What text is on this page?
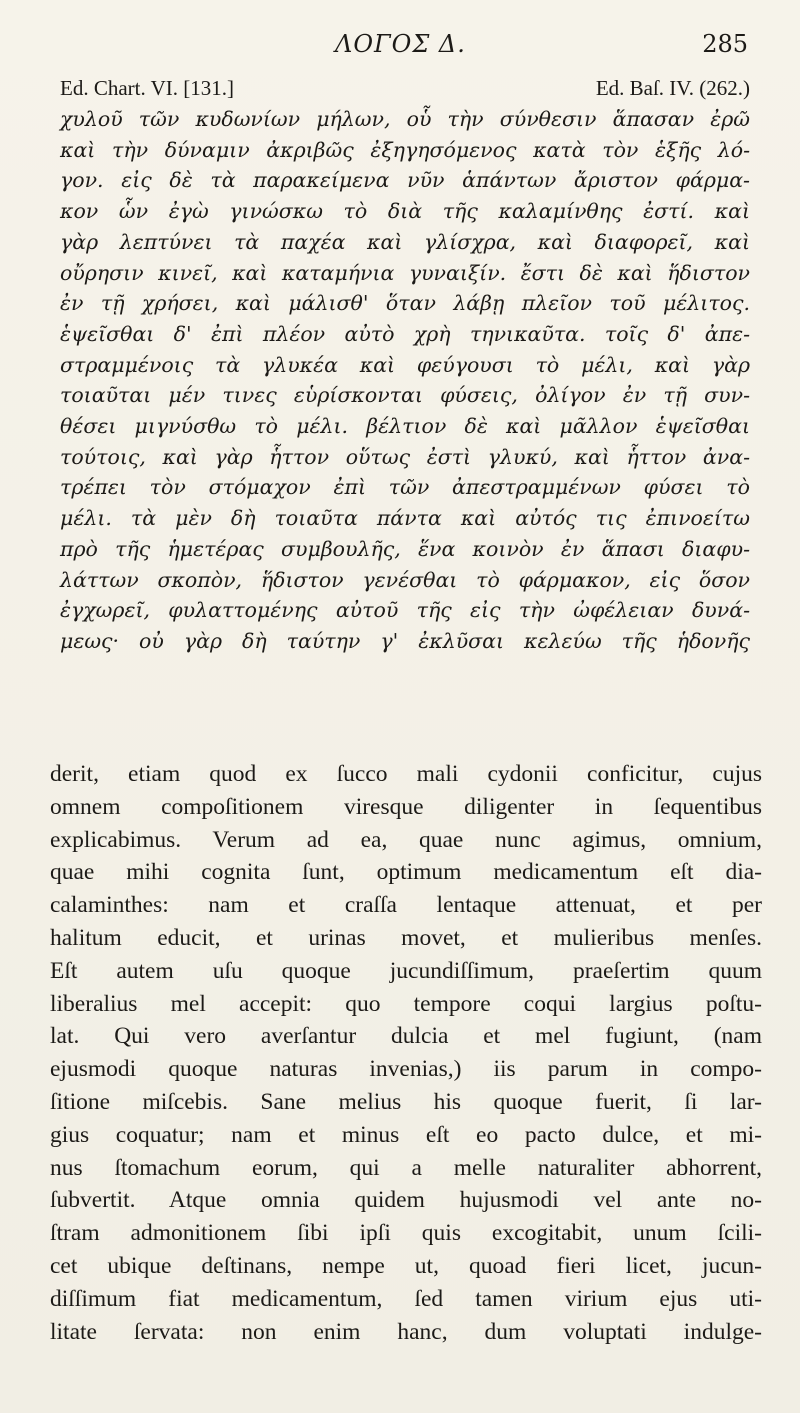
ΛΟΓΟΣ Δ.	285
Ed. Chart. VI. [131.]	Ed. Baſ. IV. (262.)
χυλοῦ τῶν κυδωνίων μήλων, οὗ τὴν σύνθεσιν ἅπασαν ἐρῶ
καὶ τὴν δύναμιν ἀκριβῶς ἐξηγησόμενος κατὰ τὸν ἑξῆς λό-
γον. εἰς δὲ τὰ παρακείμενα νῦν ἁπάντων ἄριστον φάρμα-
κον ὧν ἐγὼ γινώσκω τὸ διὰ τῆς καλαμίνθης ἐστί. καὶ
γὰρ λεπτύνει τὰ παχέα καὶ γλίσχρα, καὶ διαφορεῖ, καὶ
οὔρησιν κινεῖ, καὶ καταμήνια γυναιξίν. ἔστι δὲ καὶ ἥδιστον
ἐν τῇ χρήσει, καὶ μάλισθ' ὅταν λάβῃ πλεῖον τοῦ μέλιτος.
ἑψεῖσθαι δ' ἐπὶ πλέον αὐτὸ χρὴ τηνικαῦτα. τοῖς δ' ἀπε-
στραμμένοις τὰ γλυκέα καὶ φεύγουσι τὸ μέλι, καὶ γὰρ
τοιαῦται μέν τινες εὑρίσκονται φύσεις, ὀλίγον ἐν τῇ συν-
θέσει μιγνύσθω τὸ μέλι. βέλτιον δὲ καὶ μᾶλλον ἑψεῖσθαι
τούτοις, καὶ γὰρ ἧττον οὕτως ἐστὶ γλυκύ, καὶ ἧττον ἀνα-
τρέπει τὸν στόμαχον ἐπὶ τῶν ἀπεστραμμένων φύσει τὸ
μέλι. τὰ μὲν δὴ τοιαῦτα πάντα καὶ αὐτός τις ἐπινοείτω
πρὸ τῆς ἡμετέρας συμβουλῆς, ἕνα κοινὸν ἐν ἅπασι διαφυ-
λάττων σκοπὸν, ἥδιστον γενέσθαι τὸ φάρμακον, εἰς ὅσον
ἐγχωρεῖ, φυλαττομένης αὐτοῦ τῆς εἰς τὴν ὠφέλειαν δυνά-
μεως· οὐ γὰρ δὴ ταύτην γ' ἐκλῦσαι κελεύω τῆς ἡδονῆς
derit, etiam quod ex ſucco mali cydonii conficitur, cujus
omnem compoſitionem viresque diligenter in ſequentibus
explicabimus. Verum ad ea, quae nunc agimus, omnium,
quae mihi cognita ſunt, optimum medicamentum eſt dia-
calaminthes: nam et craſſa lentaque attenuat, et per
halitum educit, et urinas movet, et mulieribus menſes.
Eſt autem uſu quoque jucundiſſimum, praeſertim quum
liberalius mel accepit: quo tempore coqui largius poſtu-
lat. Qui vero averſantur dulcia et mel fugiunt, (nam
ejusmodi quoque naturas invenias,) iis parum in compo-
ſitione miſcebis. Sane melius his quoque fuerit, ſi lar-
gius coquatur; nam et minus eſt eo pacto dulce, et mi-
nus ſtomachum eorum, qui a melle naturaliter abhorrent,
ſubvertit. Atque omnia quidem hujusmodi vel ante no-
ſtram admonitionem ſibi ipſi quis excogitabit, unum ſcili-
cet ubique deſtinans, nempe ut, quoad fieri licet, jucun-
diſſimum fiat medicamentum, ſed tamen virium ejus uti-
litate ſervata: non enim hanc, dum voluptati indulge-
